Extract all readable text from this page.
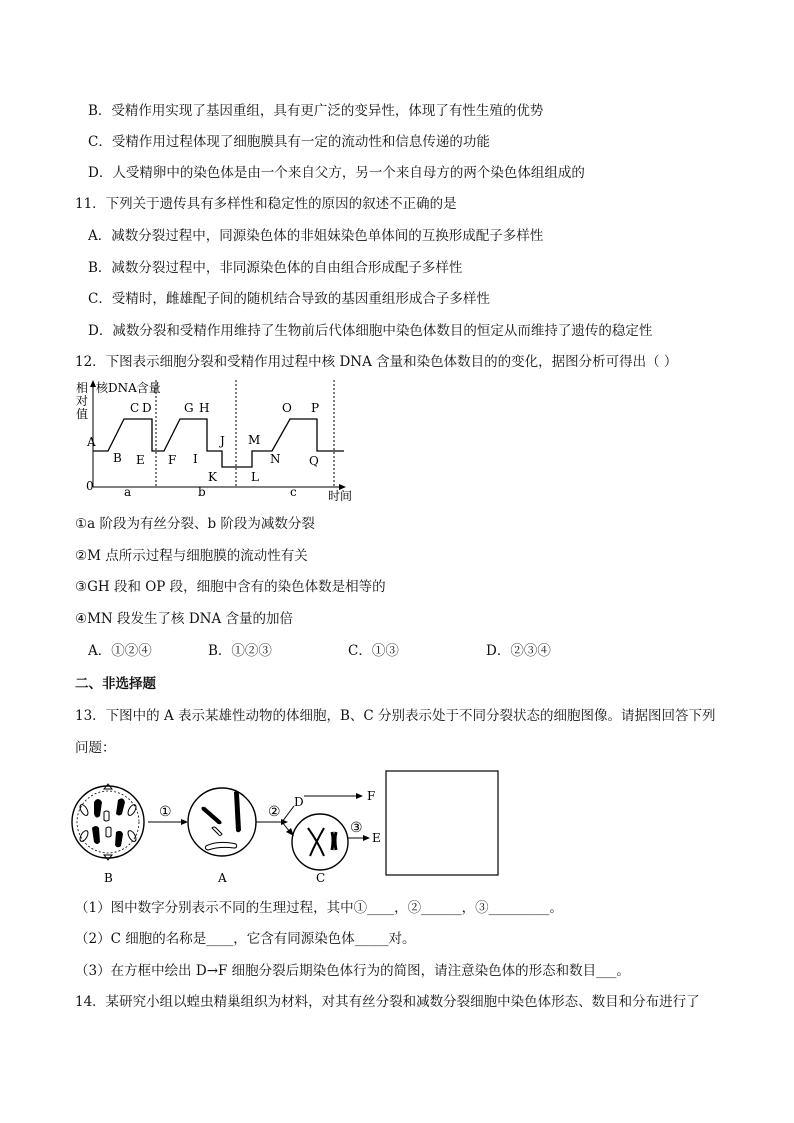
B．受精作用实现了基因重组，具有更广泛的变异性，体现了有性生殖的优势
C．受精作用过程体现了细胞膜具有一定的流动性和信息传递的功能
D．人受精卵中的染色体是由一个来自父方，另一个来自母方的两个染色体组组成的
11．下列关于遗传具有多样性和稳定性的原因的叙述不正确的是
A．减数分裂过程中，同源染色体的非姐妹染色单体间的互换形成配子多样性
B．减数分裂过程中，非同源染色体的自由组合形成配子多样性
C．受精时，雌雄配子间的随机结合导致的基因重组形成合子多样性
D．减数分裂和受精作用维持了生物前后代体细胞中染色体数目的恒定从而维持了遗传的稳定性
12．下图表示细胞分裂和受精作用过程中核 DNA 含量和染色体数目的的变化，据图分析可得出（ ）
相
对
值
核DNA含量
0
时间
A
B
C D
E F
G H
I
J
K	L
M
N
O P
Q
a	b	c
①a 阶段为有丝分裂、b 阶段为减数分裂
②M 点所示过程与细胞膜的流动性有关
③GH 段和 OP 段，细胞中含有的染色体数是相等的
④MN 段发生了核 DNA 含量的加倍
A．①②④	B．①②③	C．①③	D．②③④
二、非选择题
13．下图中的 A 表示某雄性动物的体细胞，B、C 分别表示处于不同分裂状态的细胞图像。请据图回答下列
问题：
B
①
A
②
D	F
C
③
E
（1）图中数字分别表示不同的生理过程，其中①____，②______，③_________。
（2）C 细胞的名称是____，它含有同源染色体_____对。
（3）在方框中绘出 D→F 细胞分裂后期染色体行为的简图，请注意染色体的形态和数目___。
14．某研究小组以蝗虫精巢组织为材料，对其有丝分裂和减数分裂细胞中染色体形态、数目和分布进行了
